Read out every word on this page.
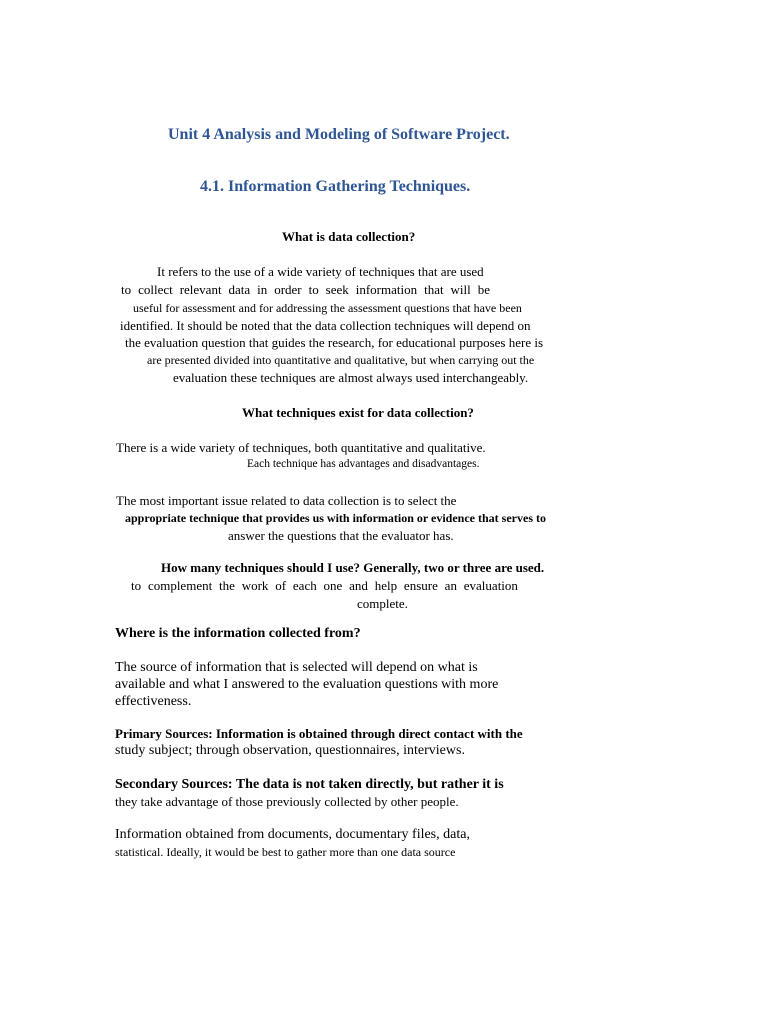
Unit 4 Analysis and Modeling of Software Project.

4.1. Information Gathering Techniques.

What is data collection?

It refers to the use of a wide variety of techniques that are used

to collect relevant data in order to seek information that will be

useful for assessment and for addressing the assessment questions that have been

identified. It should be noted that the data collection techniques will depend on

the evaluation question that guides the research, for educational purposes here is

are presented divided into quantitative and qualitative, but when carrying out the

evaluation these techniques are almost always used interchangeably.

What techniques exist for data collection?

There is a wide variety of techniques, both quantitative and qualitative.

Each technique has advantages and disadvantages.

The most important issue related to data collection is to select the

appropriate technique that provides us with information or evidence that serves to

answer the questions that the evaluator has.

How many techniques should I use? Generally, two or three are used.

to complement the work of each one and help ensure an evaluation

complete.

Where is the information collected from?

The source of information that is selected will depend on what is

available and what I answered to the evaluation questions with more

effectiveness.

Primary Sources: Information is obtained through direct contact with the

study subject; through observation, questionnaires, interviews.

Secondary Sources: The data is not taken directly, but rather it is

they take advantage of those previously collected by other people.

Information obtained from documents, documentary files, data,

statistical. Ideally, it would be best to gather more than one data source
